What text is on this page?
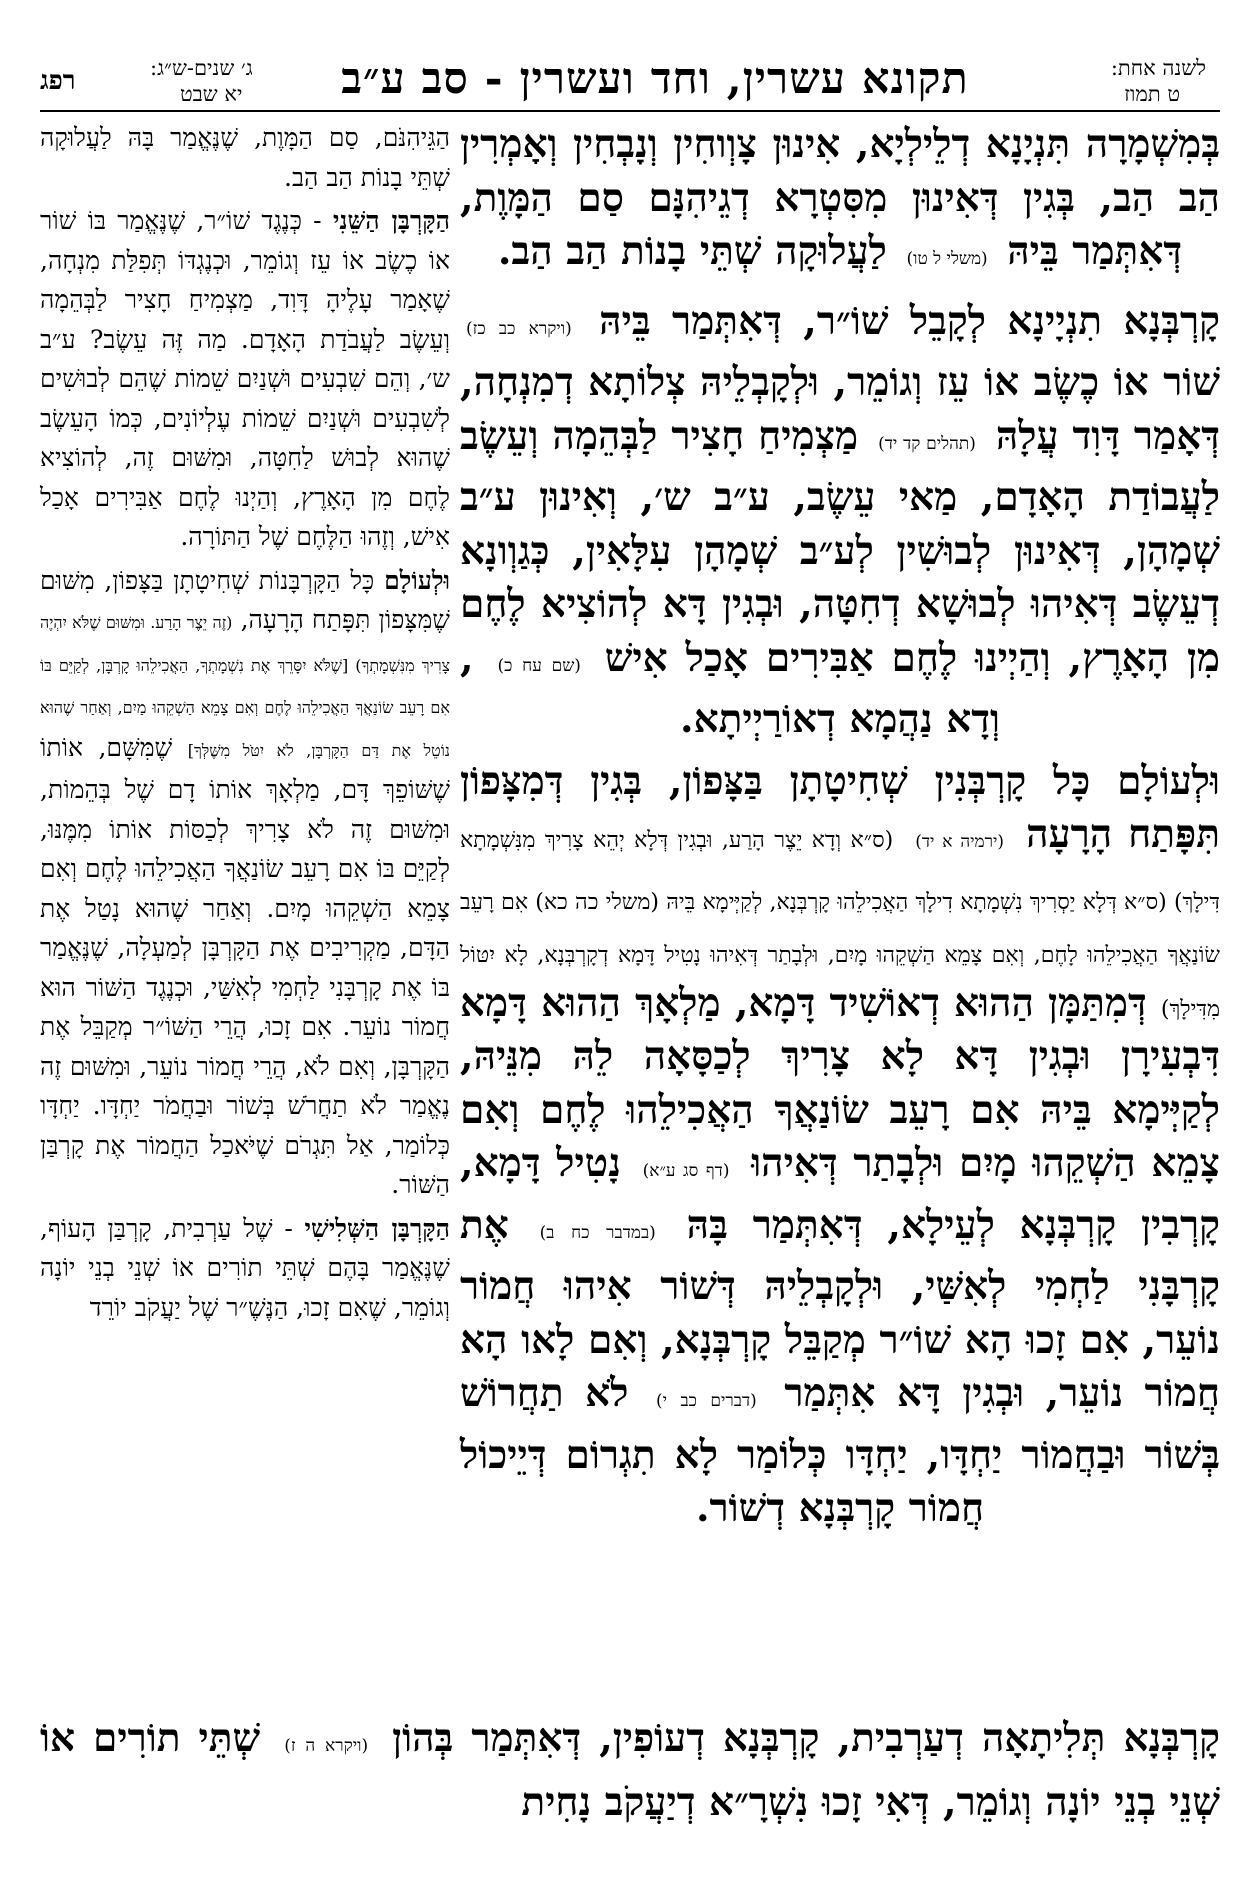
רפג	ג׳ שנים-ש״ג:
יא שבט תקונא עשרין, וחד ועשרין - סב ע״ב	לשנה אחת:
ט תמוז

בְּמִשְׁמָרָה תִּנְיָנָא דְלֵילְיָא, אִינוּן צָוְוחִין וְנָבְחִין וְאָמְרִין הַב הַב, בְּגִין דְּאִינוּן מִסִּטְרָא דְגֵיהִנָּם סַם הַמָּוֶת, דְּאִתְּמַר בֵּיהּ (משלי ל טו) לַעֲלוּקָה שְׁתֵּי בָנוֹת הַב הַב.

קָרְבְּנָא תִנְיָינָא לְקָבֵל שׁוֹ״ר, דְּאִתְּמַר בֵּיהּ (ויקרא כב כז) שׁוֹר אוֹ כֶשֶׂב אוֹ עֵז וְגוֹמֵר, וּלְקָבְלֵיהּ צְלוֹתָא דְמִנְחָה, דְּאָמַר דָּוִד עֲלָהּ (תהלים קד יד) מַצְמִיחַ חָצִיר לַבְּהֵמָה וְעֵשֶׂב לַעֲבוֹדַת הָאָדָם, מַאי עֵשֶׂב, ע״ב ש׳, וְאִינוּן ע״ב שְׁמָהָן, דְּאִינוּן לְבוּשִׁין לְע״ב שְׁמָהָן עִלָּאִין, כְּגַוְונָא דְעֵשֶׂב דְּאִיהוּ לְבוּשָׁא דְחִטָּה, וּבְגִין דָּא לְהוֹצִיא לֶחֶם מִן הָאָרֶץ, וְהַיְינוּ לֶחֶם אַבִּירִים אָכַל אִישׁ (שם עח כ) , וְדָא נַהֲמָא דְאוֹרַיְיתָא.

וּלְעוֹלָם כָּל קָרְבְּנִין שְׁחִיטָתָן בַּצָּפוֹן, בְּגִין דְּמִצָּפוֹן תִּפָּתַח הָרָעָה (ירמיה א יד) (ס״א וְדָא יֵצֶר הָרַע, וּבְגִין דְּלָא יְהֵא צָרִיךְ מִנִּשְׁמָתָא דִּילָךְ) (ס״א דְּלָא יַסְרִיךְ נִשְׁמָתָא דִילָךְ הַאֲכִילֵהוּ קָרְבְּנָא, לְקַיְּימָא בֵּיהּ (משלי כה כא) אִם רָעֵב שׂוֹנַאֲךָ הַאֲכִילֵהוּ לָחֶם, וְאִם צָמֵא הַשְׁקֵהוּ מָיִם, וּלְבָתַר דְּאִיהוּ נָטִיל דָּמָא דְקָרְבְּנָא, לָא יִטּוֹל מִדִּילָךְ) דְּמִתַּמָּן הַהוּא דְאוֹשִׁיד דָּמָא, מַלְאָךְ הַהוּא דָּמָא דִּבְעִירָן וּבְגִין דָּא לָא צָרִיךְ לְכַסָּאָה לֵהּ מִנֵּיהּ, לְקַיְּימָא בֵּיהּ אִם רָעֵב שׂוֹנַאֲךָ הַאֲכִילֵהוּ לֶחֶם וְאִם צָמֵא הַשְׁקֵהוּ מָיִם וּלְבָתַר דְּאִיהוּ (דף סג ע״א) נָטִיל דָּמָא, קָרְבִין קָרְבְּנָא לְעֵילָא, דְּאִתְּמַר בָּהּ (במדבר כח ב) אֶת קָרְבָּנִי לַחְמִי לְאִשַּׁי, וּלְקָבְלֵיהּ דְּשׁוֹר אִיהוּ חֲמוֹר נוֹעֵר, אִם זָכוּ הָא שׁוֹ״ר מְקַבֵּל קָרְבְּנָא, וְאִם לָאו הָא חֲמוֹר נוֹעֵר, וּבְגִין דָּא אִתְּמַר (דברים כב י) לֹא תַחֲרוֹשׁ בְּשׁוֹר וּבַחֲמוֹר יַחְדָּו, יַחְדָּו כְּלוֹמַר לָא תִגְרוֹם דְּיֵיכוֹל חֲמוֹר קָרְבְּנָא דְשׁוֹר.

הַגֵּיהִנֹּם, סַם הַמָּוֶת, שֶׁנֶּאֱמַר בָּהּ לַעֲלוּקָה שְׁתֵּי בָנוֹת הַב הַב.

הַקָּרְבָּן הַשֵּׁנִי - כְּנֶגֶד שׁוֹ״ר, שֶׁנֶּאֱמַר בּוֹ שׁוֹר אוֹ כֶשֶׂב אוֹ עֵז וְגוֹמֵר, וּכְנֶגְדּוֹ תְּפִלַּת מִנְחָה, שֶׁאָמַר עָלֶיהָ דָּוִד, מַצְמִיחַ חָצִיר לַבְּהֵמָה וְעֵשֶׂב לַעֲבֹדַת הָאָדָם. מַה זֶּה עֵשֶׂב? ע״ב ש׳, וְהֵם שִׁבְעִים וּשְׁנַיִם שֵׁמוֹת שֶׁהֵם לְבוּשִׁים לְשִׁבְעִים וּשְׁנַיִם שֵׁמוֹת עֶלְיוֹנִים, כְּמוֹ הָעֵשֶׂב שֶׁהוּא לְבוּשׁ לַחִטָּה, וּמִשּׁוּם זֶה, לְהוֹצִיא לֶחֶם מִן הָאָרֶץ, וְהַיְנוּ לֶחֶם אַבִּירִים אָכַל אִישׁ, וְזֶהוּ הַלֶּחֶם שֶׁל הַתּוֹרָה.

וּלְעוֹלָם כָּל הַקָּרְבָּנוֹת שְׁחִיטָתָן בַּצָּפוֹן, מִשּׁוּם שֶׁמִּצָּפוֹן תִּפָּתַח הָרָעָה, (זֶה יֵצֶר הָרַע. וּמִשּׁוּם שֶׁלֹּא יִהְיֶה צָרִיךְ מִנִּשְׁמָתְךָ) [שֶׁלֹּא יִסָּרֵךְ אֶת נִשְׁמָתְךָ, הַאֲכִילֵהוּ קָרְבָּן, לְקַיֵּם בּוֹ אִם רָעֵב שׂוֹנַאֲךָ הַאֲכִילֵהוּ לֶחֶם וְאִם צָמֵא הַשְׁקֵהוּ מַיִם, וְאַחַר שֶׁהוּא נוֹטֵל אֶת דַּם הַקָּרְבָּן, לֹא יִטֹּל מִשֶּׁלְּךָ] שֶׁמִּשָּׁם, אוֹתוֹ שֶׁשּׁוֹפֵךְ דָּם, מַלְאָךְ אוֹתוֹ דָם שֶׁל בְּהֵמוֹת, וּמִשּׁוּם זֶה לֹא צָרִיךְ לְכַסּוֹת אוֹתוֹ מִמֶּנּוּ, לְקַיֵּם בּוֹ אִם רָעֵב שׂוֹנַאֲךָ הַאֲכִילֵהוּ לֶחֶם וְאִם צָמֵא הַשְׁקֵהוּ מָיִם. וְאַחַר שֶׁהוּא נָטַל אֶת הַדָּם, מַקְרִיבִים אֶת הַקָּרְבָּן לְמַעְלָה, שֶׁנֶּאֱמַר בּוֹ אֶת קָרְבָּנִי לַחְמִי לְאִשַּׁי, וּכְנֶגֶד הַשּׁוֹר הוּא חֲמוֹר נוֹעֵר. אִם זָכוּ, הֲרֵי הַשּׁוֹ״ר מְקַבֵּל אֶת הַקָּרְבָּן, וְאִם לֹא, הֲרֵי חֲמוֹר נוֹעֵר, וּמִשּׁוּם זֶה נֶאֱמַר לֹא תַחֲרֹשׁ בְּשׁוֹר וּבַחֲמֹר יַחְדָּו. יַחְדָּו כְּלוֹמַר, אַל תִּגְרֹם שֶׁיֹּאכַל הַחֲמוֹר אֶת קָרְבַּן הַשּׁוֹר.

הַקָּרְבָּן הַשְּׁלִישִׁי - שֶׁל עַרְבִית, קָרְבַּן הָעוֹף, שֶׁנֶּאֱמַר בָּהֶם שְׁתֵּי תוֹרִים אוֹ שְׁנֵי בְנֵי יוֹנָה וְגוֹמֵר, שֶׁאִם זָכוּ, הַנֶּשֶׁ״ר שֶׁל יַעֲקֹב יוֹרֵד

קָרְבְּנָא תְּלִיתָאָה דְעַרְבִית, קָרְבְּנָא דְעוֹפִין, דְּאִתְּמַר בְּהוֹן (ויקרא ה ז) שְׁתֵּי תוֹרִים אוֹ שְׁנֵי בְנֵי יוֹנָה וְגוֹמֵר, דְּאִי זָכוּ נִשְׁרָ״א דְיַעֲקֹב נָחִית
